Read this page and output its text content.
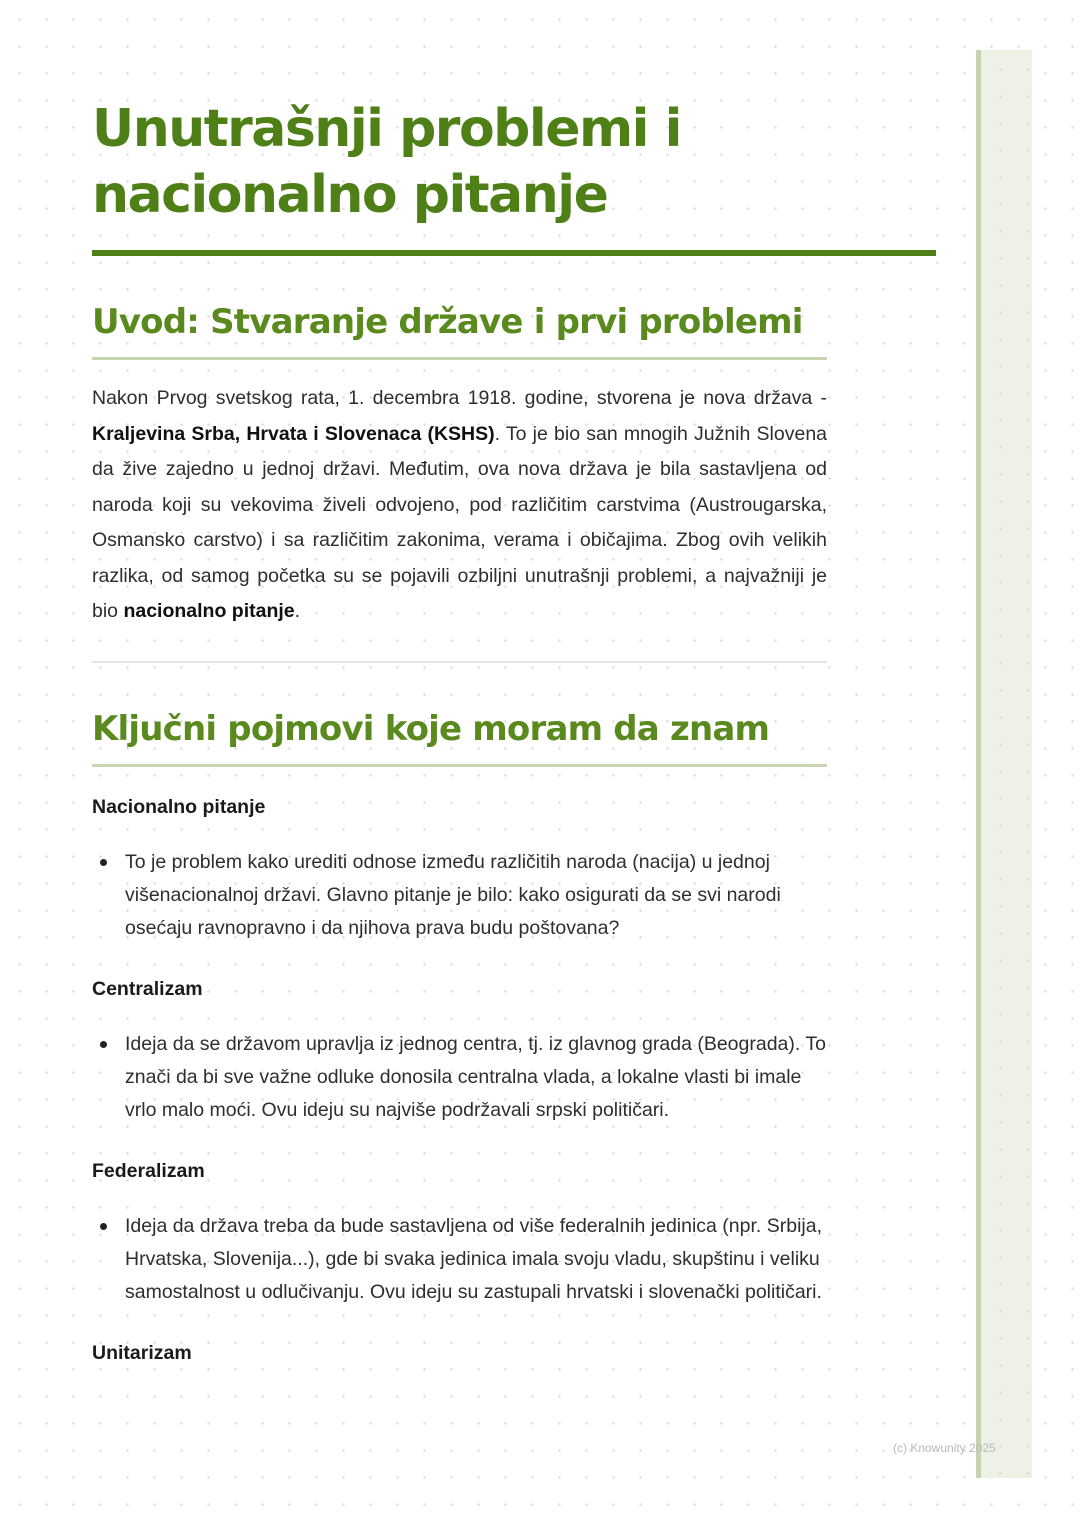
Unutrašnji problemi i
nacionalno pitanje
Uvod: Stvaranje države i prvi problemi

Nakon Prvog svetskog rata, 1. decembra 1918. godine, stvorena je nova država - Kraljevina Srba, Hrvata i Slovenaca (KSHS). To je bio san mnogih Južnih Slovena da žive zajedno u jednoj državi. Međutim, ova nova država je bila sastavljena od naroda koji su vekovima živeli odvojeno, pod različitim carstvima (Austrougarska, Osmansko carstvo) i sa različitim zakonima, verama i običajima. Zbog ovih velikih razlika, od samog početka su se pojavili ozbiljni unutrašnji problemi, a najvažniji je bio nacionalno pitanje.

Ključni pojmovi koje moram da znam

Nacionalno pitanje

To je problem kako urediti odnose između različitih naroda (nacija) u jednoj višenacionalnoj državi. Glavno pitanje je bilo: kako osigurati da se svi narodi osećaju ravnopravno i da njihova prava budu poštovana?

Centralizam

Ideja da se državom upravlja iz jednog centra, tj. iz glavnog grada (Beograda). To znači da bi sve važne odluke donosila centralna vlada, a lokalne vlasti bi imale vrlo malo moći. Ovu ideju su najviše podržavali srpski političari.

Federalizam

Ideja da država treba da bude sastavljena od više federalnih jedinica (npr. Srbija, Hrvatska, Slovenija...), gde bi svaka jedinica imala svoju vladu, skupštinu i veliku samostalnost u odlučivanju. Ovu ideju su zastupali hrvatski i slovenački političari.

Unitarizam

(c) Knowunity 2025
